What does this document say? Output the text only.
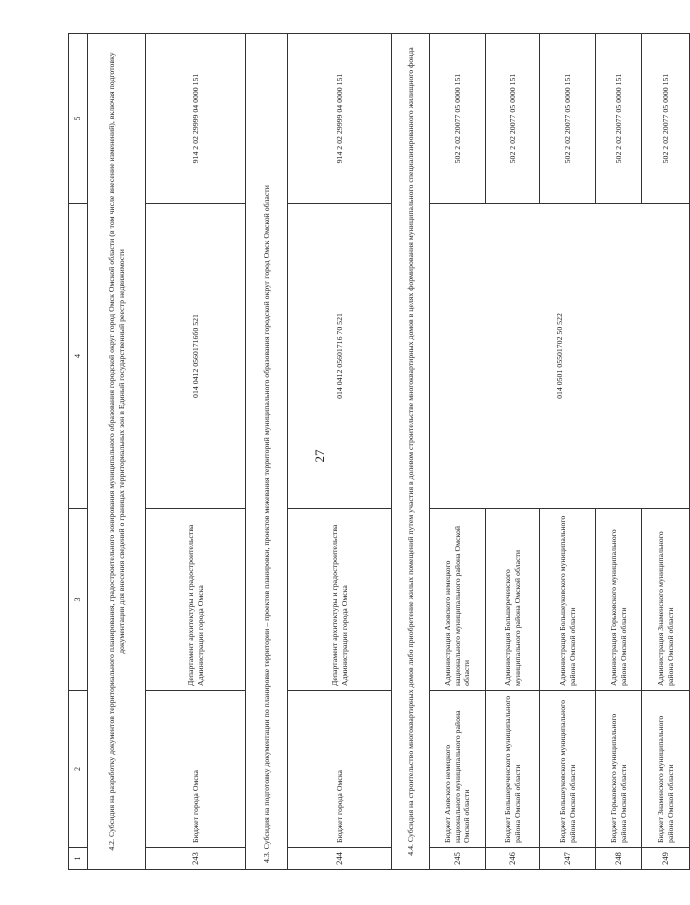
27
1	2	3	4	5
4.2. Субсидия на разработку документов территориального планирования, градостроительного зонирования муниципального образования городской округ город Омск Омской области (в том числе внесение изменений), включая подготовку документации для внесения сведений о границах территориальных зон в Единый государственный реестр недвижимости				
243	Бюджет города Омска	Департамент архитектуры и градостроительства Администрации города Омска	014 0412 05601716б0 521	914 2 02 29999 04 0000 151
4.3. Субсидия на подготовку документации по планировке территории – проектов планировки, проектов межевания территорий муниципального образования городской округ город Омск Омской области				
244	Бюджет города Омска	Департамент архитектуры и градостроительства Администрации города Омска	014 0412 05601716 70 521	914 2 02 29999 04 0000 151
4.4. Субсидия на строительство многоквартирных домов либо приобретение жилых помещений путем участия в долевом строительстве многоквартирных домов в целях формирования муниципального специализированного жилищного фонда				
245	Бюджет Азовского немецкого национального муниципального района Омской области	Администрация Азовского немецкого национального муниципального района Омской области	014 0501 05501702 50 522	502 2 02 20077 05 0000 151
246	Бюджет Большереченского муниципального района Омской области	Администрация Большереченского муниципального района Омской области		502 2 02 20077 05 0000 151
247	Бюджет Большеуковского муниципального района Омской области	Администрация Большеуковского муниципального района Омской области		502 2 02 20077 05 0000 151
248	Бюджет Горьковского муниципального района Омской области	Администрация Горьковского муниципального района Омской области		502 2 02 20077 05 0000 151
249	Бюджет Знаменского муниципального района Омской области	Администрация Знаменского муниципального района Омской области		502 2 02 20077 05 0000 151
